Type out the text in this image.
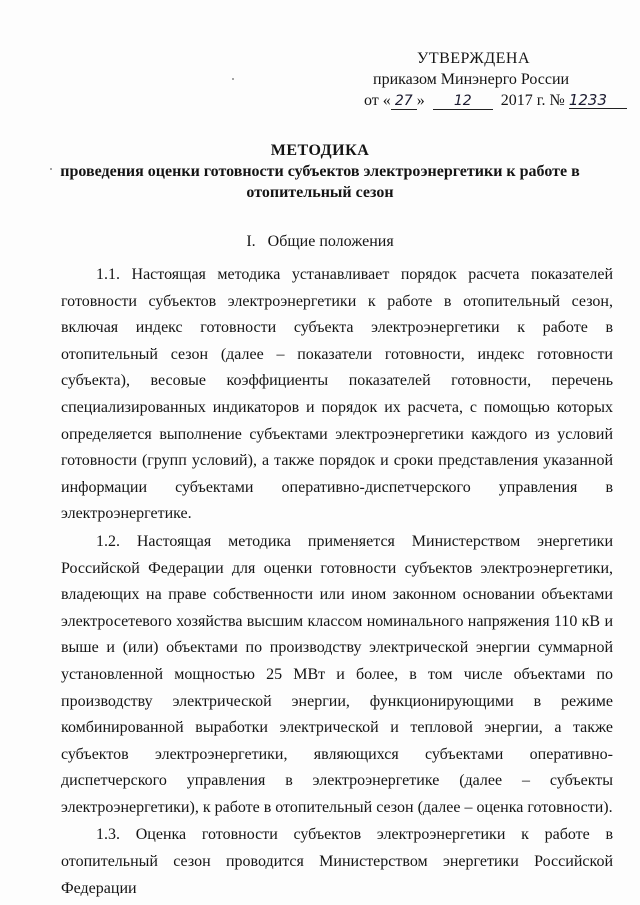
УТВЕРЖДЕНА
приказом Минэнерго России
от « 27 » 12 2017 г. № 1233
МЕТОДИКА
проведения оценки готовности субъектов электроэнергетики к работе в отопительный сезон
I.   Общие положения

1.1. Настоящая методика устанавливает порядок расчета показателей готовности субъектов электроэнергетики к работе в отопительный сезон, включая индекс готовности субъекта электроэнергетики к работе в отопительный сезон (далее – показатели готовности, индекс готовности субъекта), весовые коэффициенты показателей готовности, перечень специализированных индикаторов и порядок их расчета, с помощью которых определяется выполнение субъектами электроэнергетики каждого из условий готовности (групп условий), а также порядок и сроки представления указанной информации субъектами оперативно-диспетчерского управления в электроэнергетике.

1.2. Настоящая методика применяется Министерством энергетики Российской Федерации для оценки готовности субъектов электроэнергетики, владеющих на праве собственности или ином законном основании объектами электросетевого хозяйства высшим классом номинального напряжения 110 кВ и выше и (или) объектами по производству электрической энергии суммарной установленной мощностью 25 МВт и более, в том числе объектами по производству электрической энергии, функционирующими в режиме комбинированной выработки электрической и тепловой энергии, а также субъектов электроэнергетики, являющихся субъектами оперативно-диспетчерского управления в электроэнергетике (далее – субъекты электроэнергетики), к работе в отопительный сезон (далее – оценка готовности).

1.3. Оценка готовности субъектов электроэнергетики к работе в отопительный сезон проводится Министерством энергетики Российской Федерации
